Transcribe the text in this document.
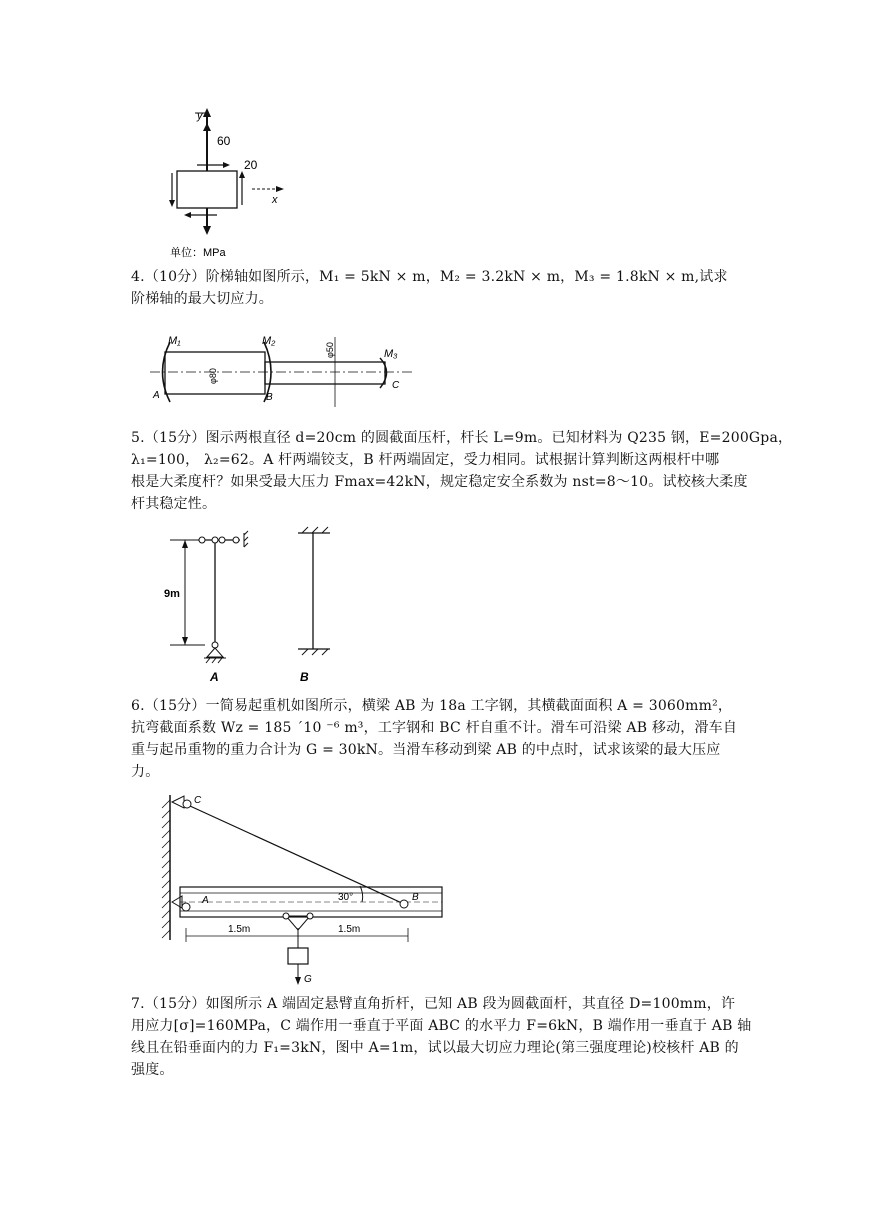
y
60
20
x
单位：MPa
4.（10分）阶梯轴如图所示，M₁ = 5kN × m，M₂ = 3.2kN × m，M₃ = 1.8kN × m,试求
阶梯轴的最大切应力。
M₁	M₂
M₃
A	B
C
φ80
φ50
5.（15分）图示两根直径 d=20cm 的圆截面压杆，杆长 L=9m。已知材料为 Q235 钢，E=200Gpa，
λ₁=100， λ₂=62。A 杆两端铰支，B 杆两端固定，受力相同。试根据计算判断这两根杆中哪
根是大柔度杆？如果受最大压力 Fmax=42kN，规定稳定安全系数为 nst=8～10。试校核大柔度
杆其稳定性。
9m
A	B
6.（15分）一简易起重机如图所示，横梁 AB 为 18a 工字钢，其横截面面积 A = 3060mm²，
抗弯截面系数 Wz = 185 ´10 ⁻⁶ m³，工字钢和 BC 杆自重不计。滑车可沿梁 AB 移动，滑车自
重与起吊重物的重力合计为 G = 30kN。当滑车移动到梁 AB 的中点时，试求该梁的最大压应
力。
C
A	B
30°
1.5m	1.5m
G
7.（15分）如图所示 A 端固定悬臂直角折杆，已知 AB 段为圆截面杆，其直径 D=100mm，许
用应力[σ]=160MPa，C 端作用一垂直于平面 ABC 的水平力 F=6kN，B 端作用一垂直于 AB 轴
线且在铅垂面内的力 F₁=3kN，图中 A=1m，试以最大切应力理论(第三强度理论)校核杆 AB 的
强度。
